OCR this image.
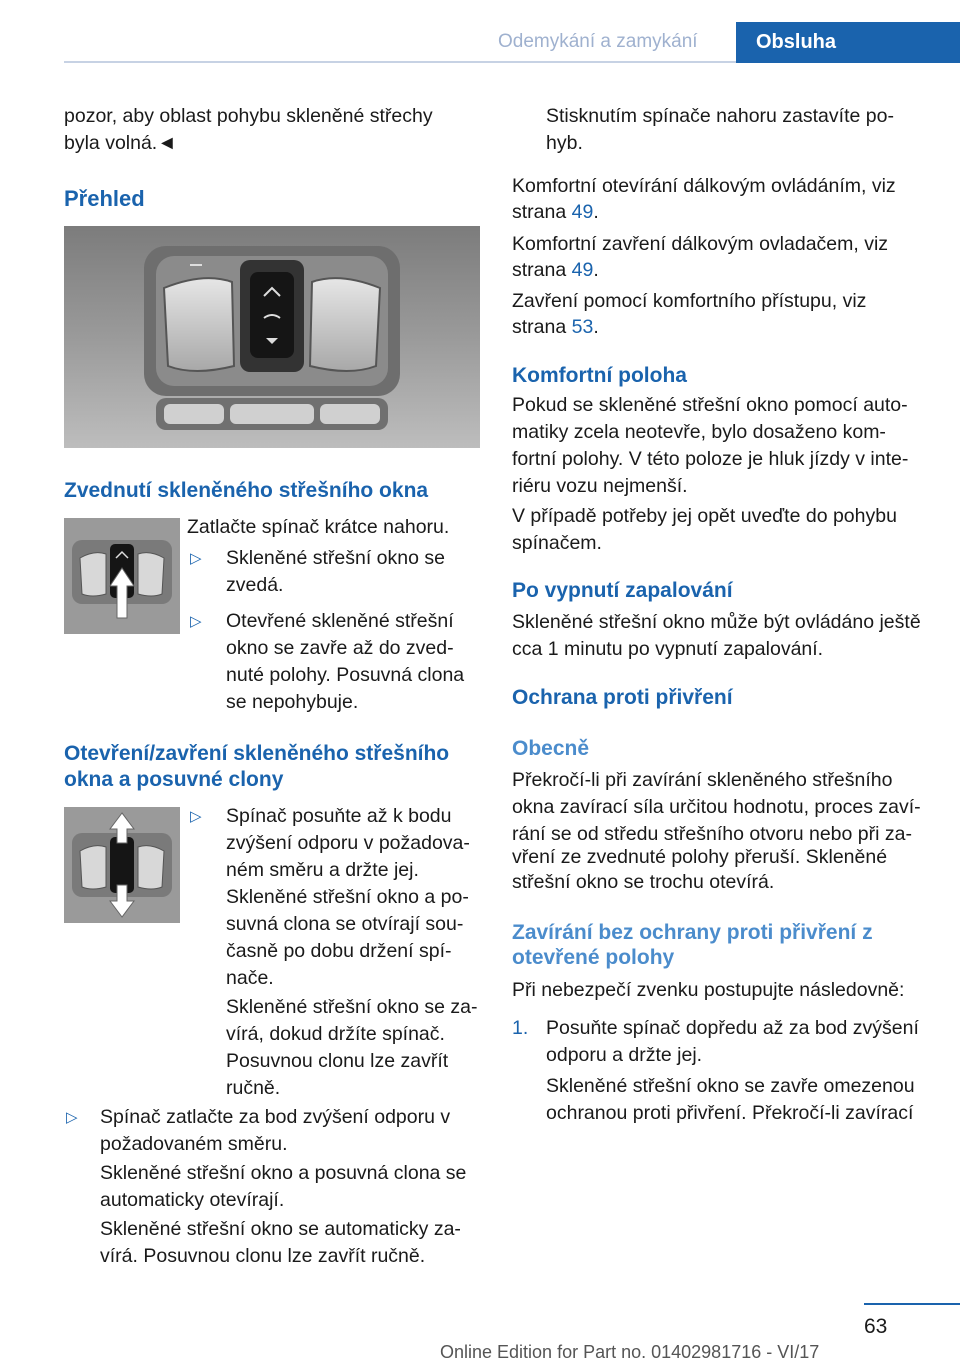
Odemykání a zamykání	Obsluha
pozor, aby oblast pohybu skleněné střechy
byla volná.◄
Přehled
Zvednutí skleněného střešního okna
Zatlačte spínač krátce nahoru.
▷ Skleněné střešní okno se
zvedá.
▷ Otevřené skleněné střešní
okno se zavře až do zved-
nuté polohy. Posuvná clona
se nepohybuje.
Otevření/zavření skleněného střešního
okna a posuvné clony
▷ Spínač posuňte až k bodu
zvýšení odporu v požadova-
ném směru a držte jej.
Skleněné střešní okno a po-
suvná clona se otvírají sou-
časně po dobu držení spí-
nače.
Skleněné střešní okno se za-
vírá, dokud držíte spínač.
Posuvnou clonu lze zavřít
ručně.
▷ Spínač zatlačte za bod zvýšení odporu v
požadovaném směru.
Skleněné střešní okno a posuvná clona se
automaticky otevírají.
Skleněné střešní okno se automaticky za-
vírá. Posuvnou clonu lze zavřít ručně.
Stisknutím spínače nahoru zastavíte po-
hyb.
Komfortní otevírání dálkovým ovládáním, viz
strana 49.
Komfortní zavření dálkovým ovladačem, viz
strana 49.
Zavření pomocí komfortního přístupu, viz
strana 53.
Komfortní poloha
Pokud se skleněné střešní okno pomocí auto-
matiky zcela neotevře, bylo dosaženo kom-
fortní polohy. V této poloze je hluk jízdy v inte-
riéru vozu nejmenší.
V případě potřeby jej opět uveďte do pohybu
spínačem.
Po vypnutí zapalování
Skleněné střešní okno může být ovládáno ještě
cca 1 minutu po vypnutí zapalování.
Ochrana proti přivření
Obecně
Překročí-li při zavírání skleněného střešního
okna zavírací síla určitou hodnotu, proces zaví-
rání se od středu střešního otvoru nebo při za-
vření ze zvednuté polohy přeruší. Skleněné
střešní okno se trochu otevírá.
Zavírání bez ochrany proti přivření z
otevřené polohy
Při nebezpečí zvenku postupujte následovně:
1. Posuňte spínač dopředu až za bod zvýšení
odporu a držte jej.
Skleněné střešní okno se zavře omezenou
ochranou proti přivření. Překročí-li zavírací
63
Online Edition for Part no. 01402981716 - VI/17
